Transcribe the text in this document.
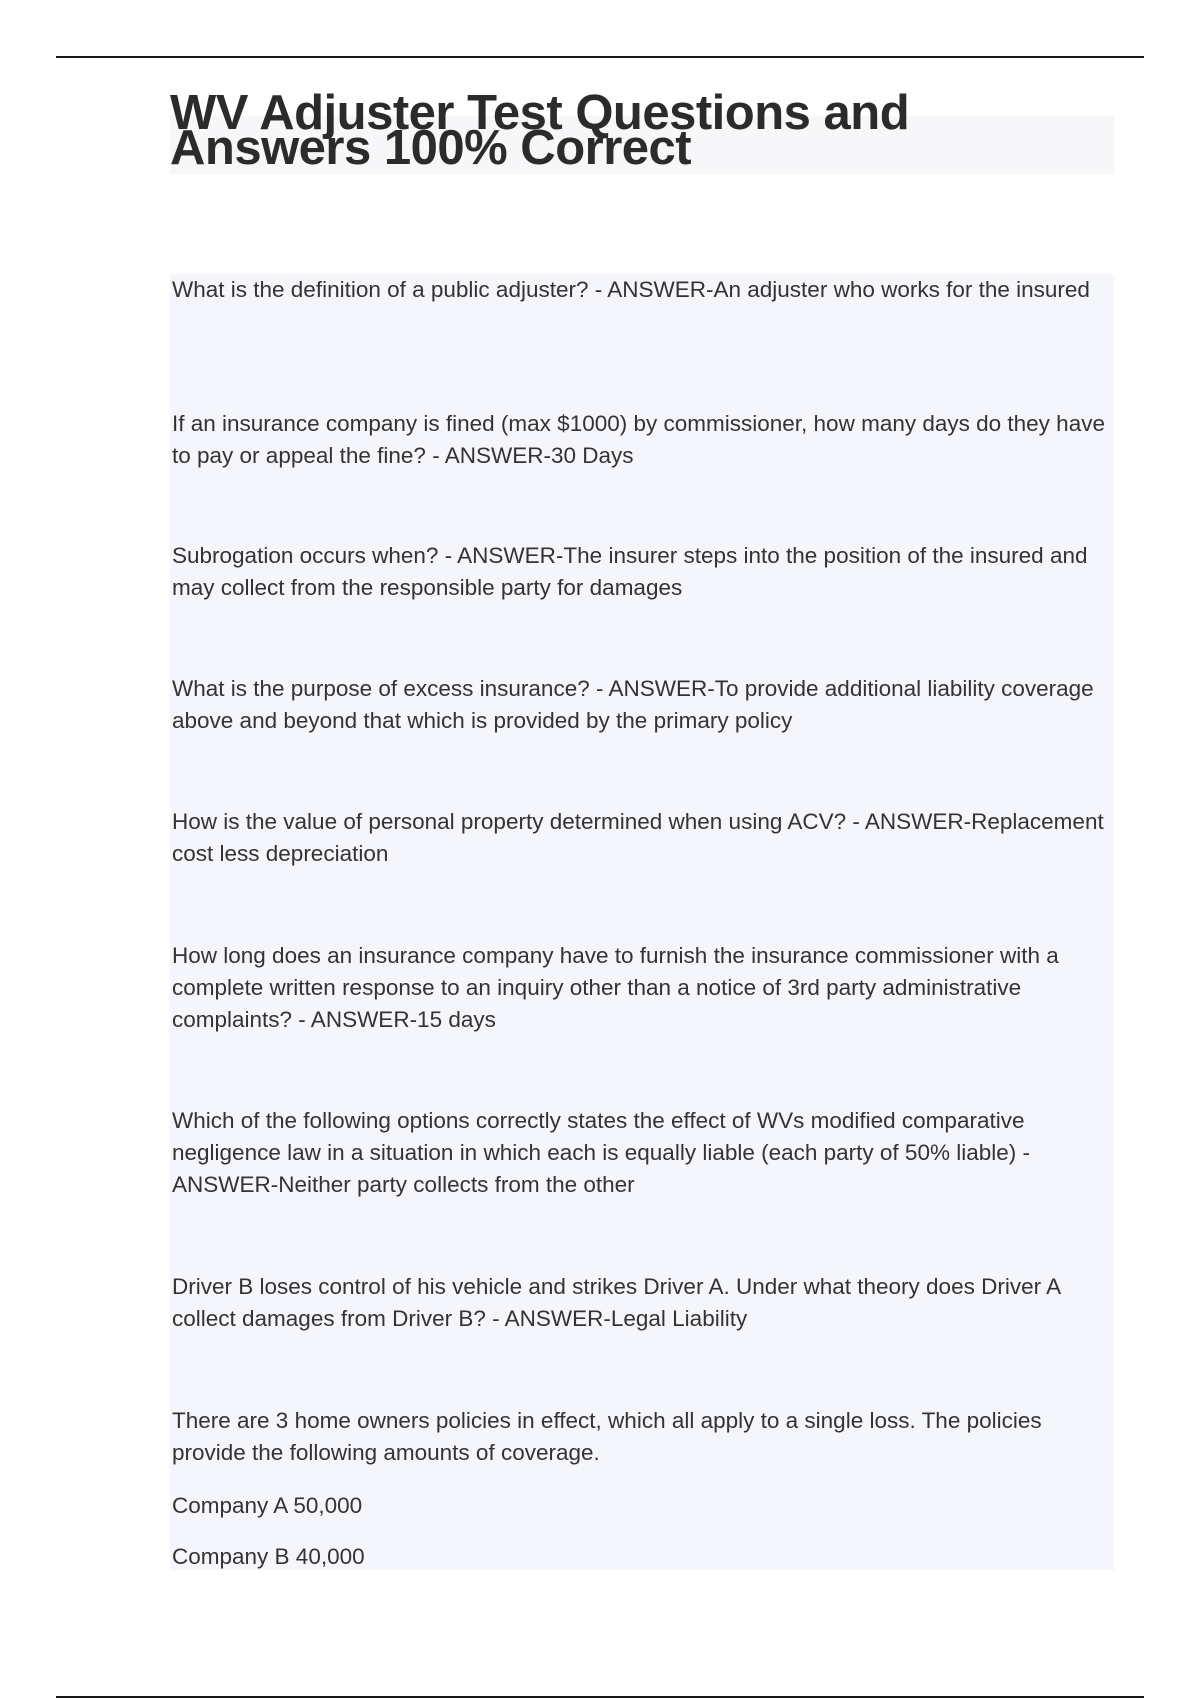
WV Adjuster Test Questions and Answers 100% Correct

What is the definition of a public adjuster? - ANSWER-An adjuster who works for the insured

If an insurance company is fined (max $1000) by commissioner, how many days do they have to pay or appeal the fine? - ANSWER-30 Days

Subrogation occurs when? - ANSWER-The insurer steps into the position of the insured and may collect from the responsible party for damages

What is the purpose of excess insurance? - ANSWER-To provide additional liability coverage above and beyond that which is provided by the primary policy

How is the value of personal property determined when using ACV? - ANSWER-Replacement cost less depreciation

How long does an insurance company have to furnish the insurance commissioner with a complete written response to an inquiry other than a notice of 3rd party administrative complaints? - ANSWER-15 days

Which of the following options correctly states the effect of WVs modified comparative negligence law in a situation in which each is equally liable (each party of 50% liable) - ANSWER-Neither party collects from the other

Driver B loses control of his vehicle and strikes Driver A. Under what theory does Driver A collect damages from Driver B? - ANSWER-Legal Liability

There are 3 home owners policies in effect, which all apply to a single loss. The policies provide the following amounts of coverage.

Company A 50,000

Company B 40,000
